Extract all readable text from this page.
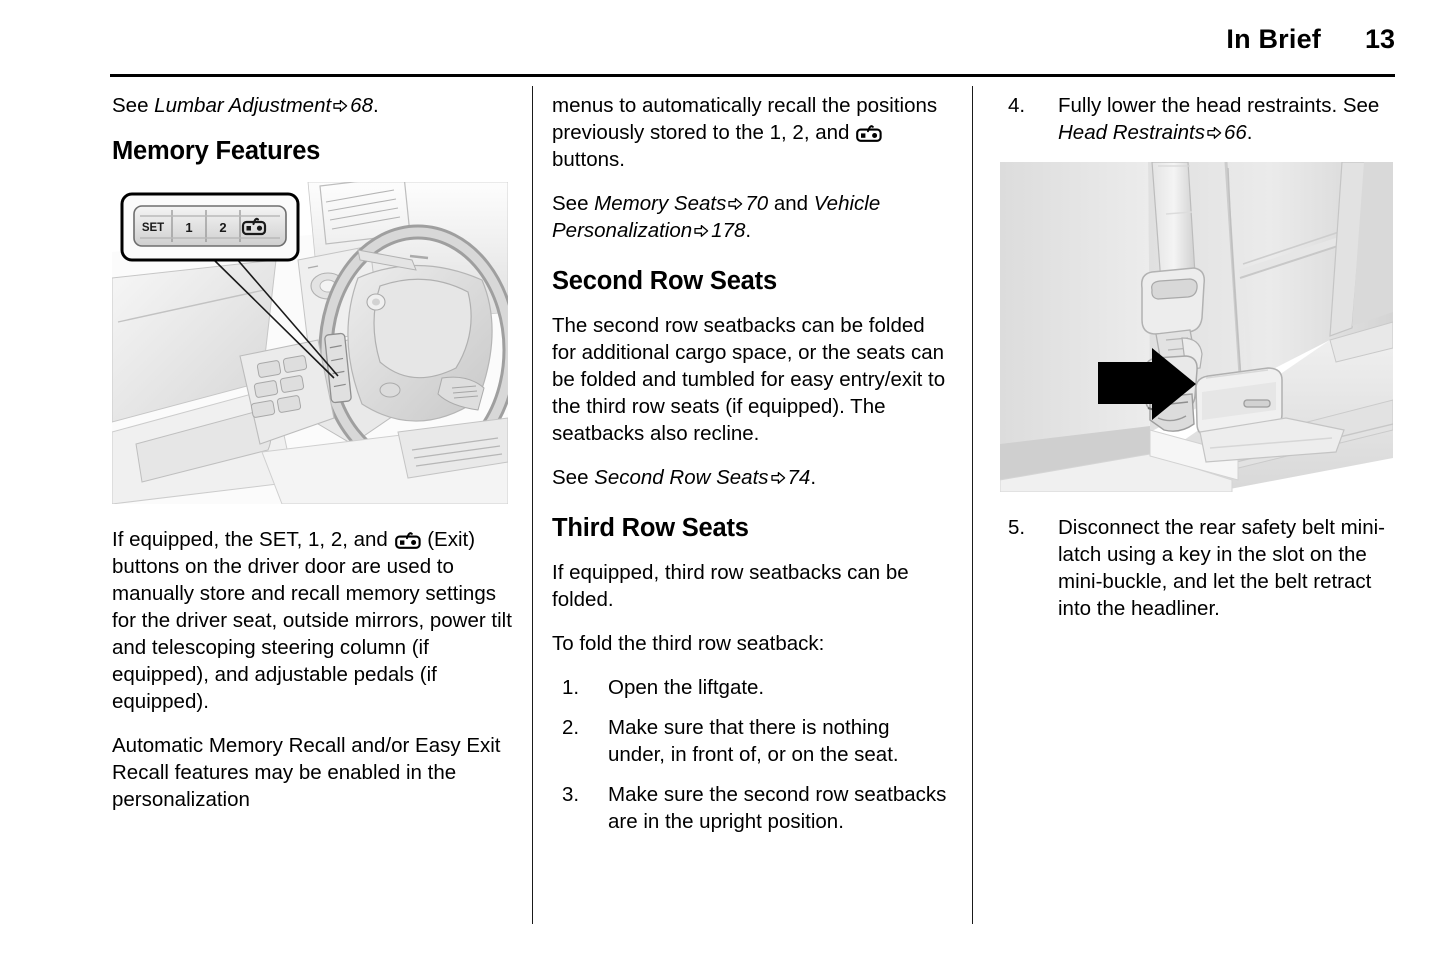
In Brief 13

See Lumbar Adjustment 68.

Memory Features
SET 1 2

If equipped, the SET, 1, 2, and
(Exit) buttons on the driver door are used to manually store and recall memory settings for the driver seat, outside mirrors, power tilt and telescoping steering column (if equipped), and adjustable pedals (if equipped).

Automatic Memory Recall and/or Easy Exit Recall features may be enabled in the personalization

menus to automatically recall the positions previously stored to the 1, 2, and
buttons.

See Memory Seats 70 and Vehicle Personalization 178.

Second Row Seats

The second row seatbacks can be folded for additional cargo space, or the seats can be folded and tumbled for easy entry/exit to the third row seats (if equipped). The seatbacks also recline.

See Second Row Seats 74.

Third Row Seats

If equipped, third row seatbacks can be folded.

To fold the third row seatback:

1.	Open the liftgate.
2.	Make sure that there is nothing under, in front of, or on the seat.
3.	Make sure the second row seatbacks are in the upright position.
4.	Fully lower the head restraints. See Head Restraints 66.
5.	Disconnect the rear safety belt mini-latch using a key in the slot on the mini-buckle, and let the belt retract into the headliner.
